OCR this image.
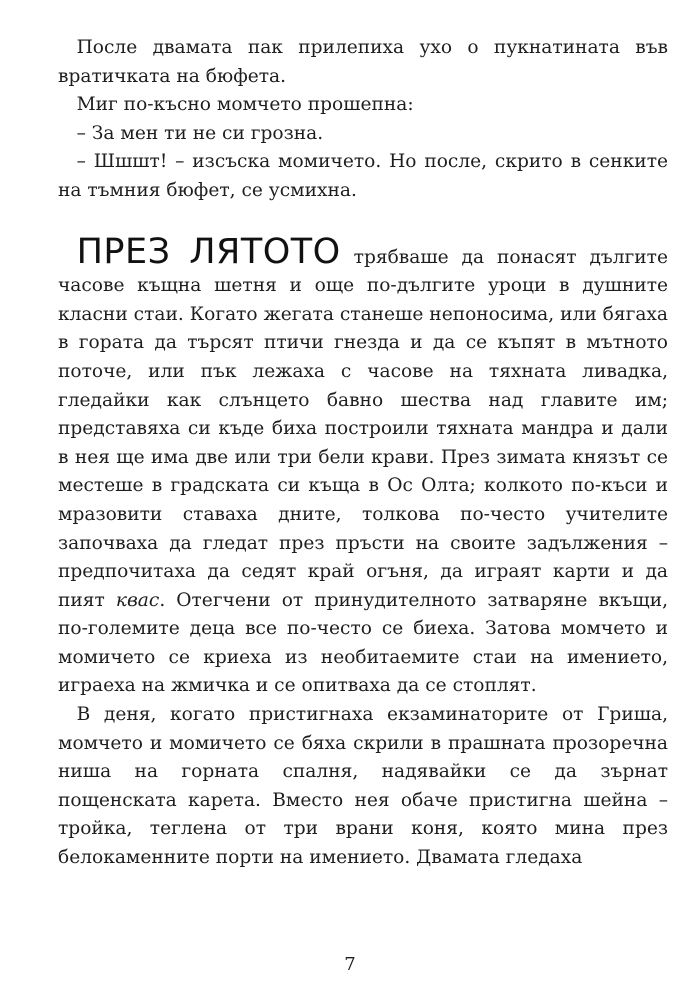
 После двамата пак прилепиха ухо о пукнатината във вратичката на бюфета.

 Миг по-късно момчето прошепна:

 – За мен ти не си грозна.

 – Шшшт! – изсъска момичето. Но после, скрито в сенките на тъмния бюфет, се усмихна.

 ПРЕЗ ЛЯТОТО трябваше да понасят дългите часове къщна шетня и още по-дългите уроци в душните класни стаи. Когато жегата станеше непоносима, или бягаха в гората да търсят птичи гнезда и да се къпят в мътното поточе, или пък лежаха с часове на тяхната ливадка, гледайки как слънцето бавно шества над главите им; представяха си къде биха построили тяхната мандра и дали в нея ще има две или три бели крави. През зимата князът се местеше в градската си къща в Ос Олта; колкото по-къси и мразовити ставаха дните, толкова по-често учителите започваха да гледат през пръсти на своите задължения – предпочитаха да седят край огъня, да играят карти и да пият квас. Отегчени от принудителното затваряне вкъщи, по-големите деца все по-често се биеха. Затова момчето и момичето се криеха из необитаемите стаи на имението, играеха на жмичка и се опитваха да се стоплят.

 В деня, когато пристигнаха екзаминаторите от Гриша, момчето и момичето се бяха скрили в прашната прозоречна ниша на горната спалня, надявайки се да зърнат пощенската карета. Вместо нея обаче пристигна шейна – тройка, теглена от три врани коня, която мина през белокаменните порти на имението. Двамата гледаха

7
